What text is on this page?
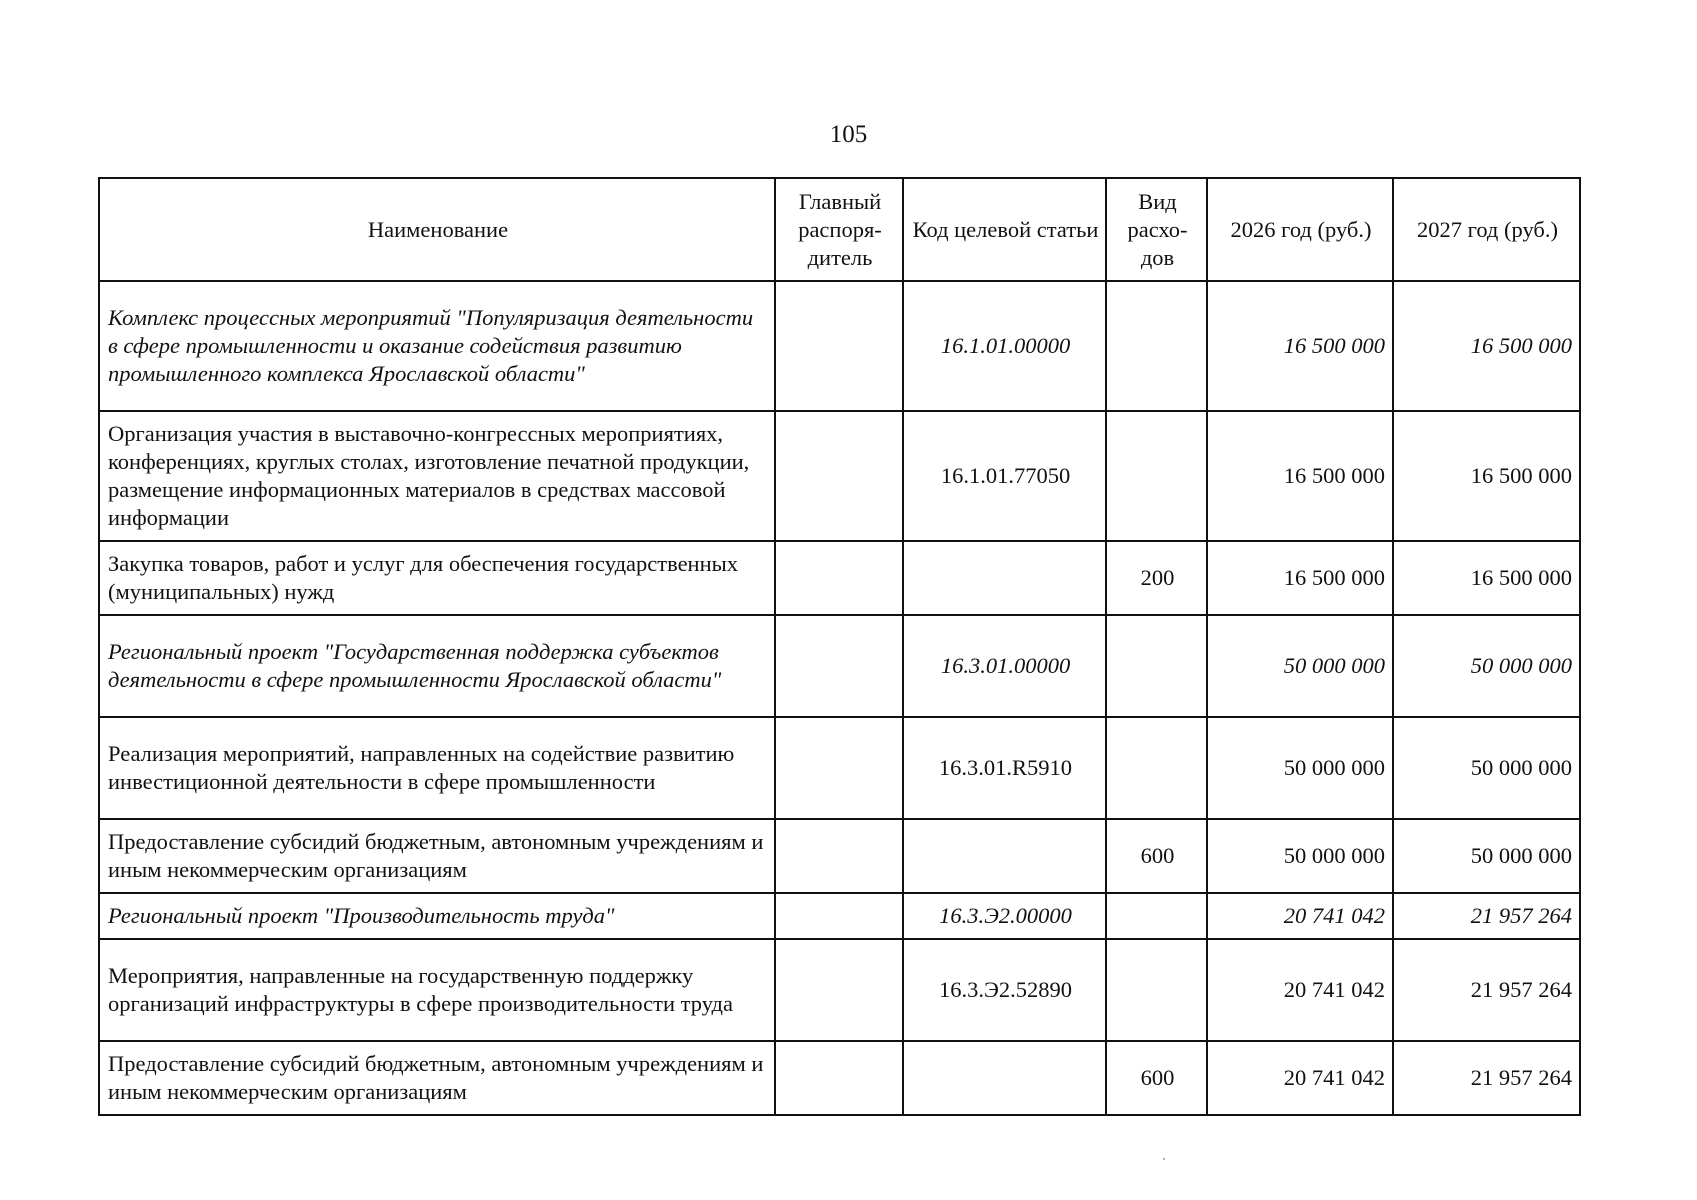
105
Наименование	Главный распоря-дитель	Код целевой статьи	Вид расхо-дов	2026 год (руб.)	2027 год (руб.)
Комплекс процессных мероприятий "Популяризация деятельности в сфере промышленности и оказание содействия развитию промышленного комплекса Ярославской области"		16.1.01.00000		16 500 000	16 500 000
Организация участия в выставочно-конгрессных мероприятиях, конференциях, круглых столах, изготовление печатной продукции, размещение информационных материалов в средствах массовой информации		16.1.01.77050		16 500 000	16 500 000
Закупка товаров, работ и услуг для обеспечения государственных (муниципальных) нужд			200	16 500 000	16 500 000
Региональный проект "Государственная поддержка субъектов деятельности в сфере промышленности Ярославской области"		16.3.01.00000		50 000 000	50 000 000
Реализация мероприятий, направленных на содействие развитию инвестиционной деятельности в сфере промышленности		16.3.01.R5910		50 000 000	50 000 000
Предоставление субсидий бюджетным, автономным учреждениям и иным некоммерческим организациям			600	50 000 000	50 000 000
Региональный проект "Производительность труда"		16.3.Э2.00000		20 741 042	21 957 264
Мероприятия, направленные на государственную поддержку организаций инфраструктуры в сфере производительности труда		16.3.Э2.52890		20 741 042	21 957 264
Предоставление субсидий бюджетным, автономным учреждениям и иным некоммерческим организациям			600	20 741 042	21 957 264
